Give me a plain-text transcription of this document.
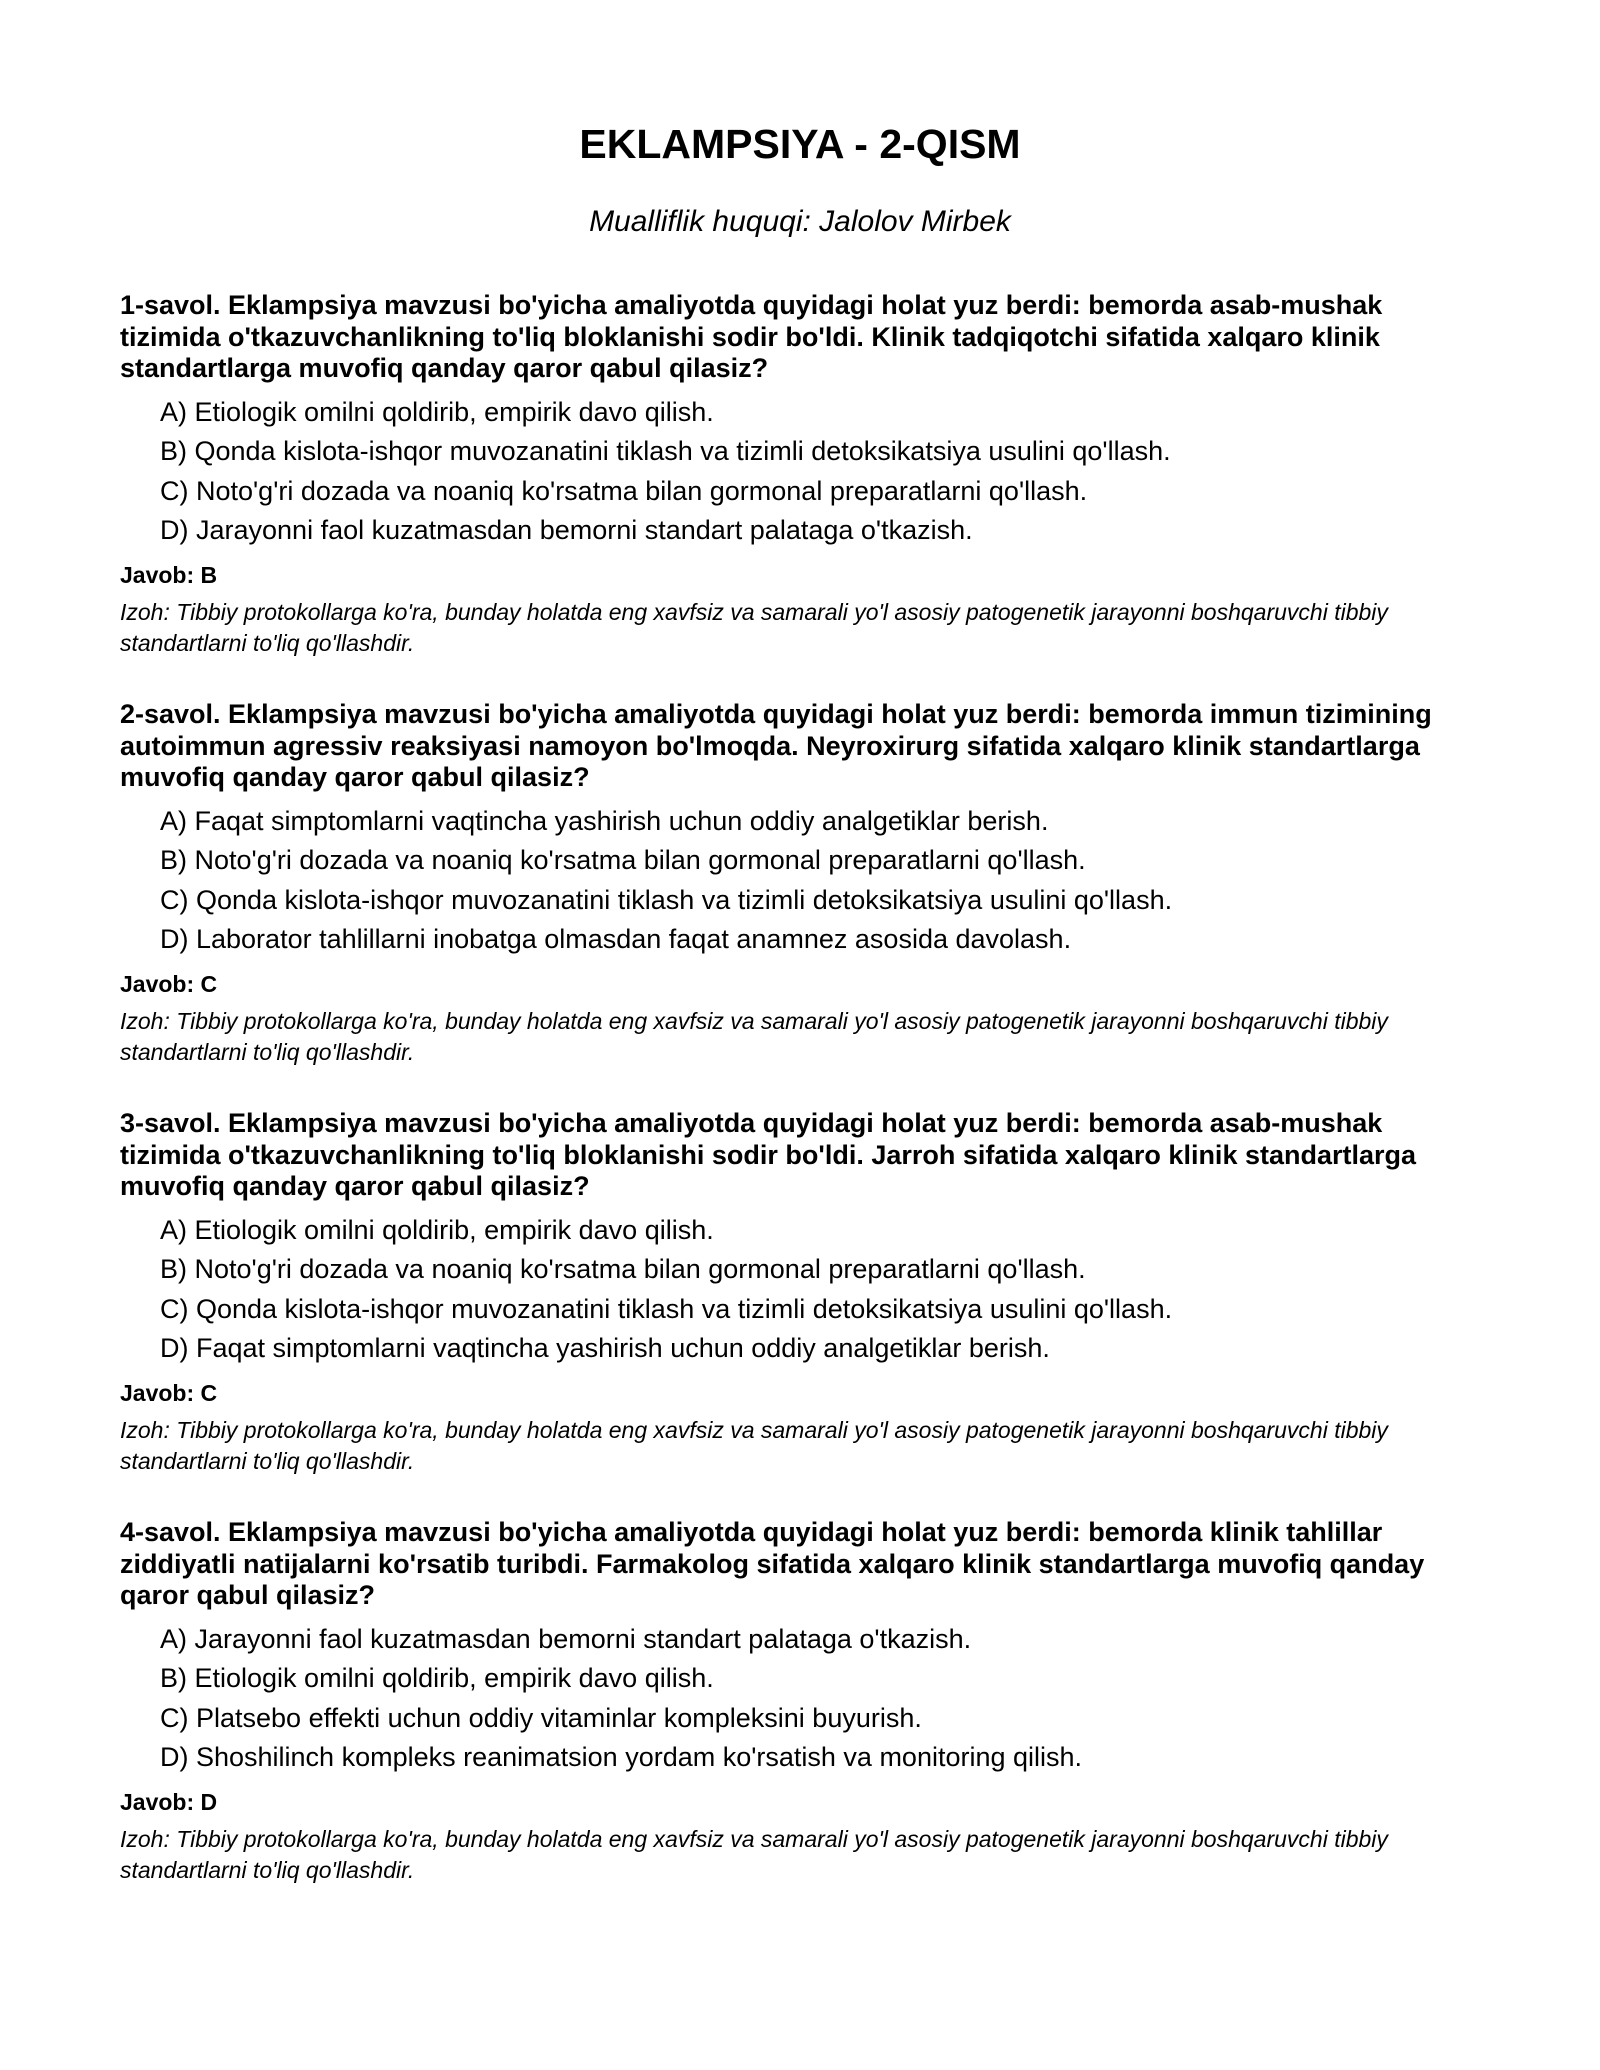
EKLAMPSIYA - 2-QISM

Mualliflik huquqi: Jalolov Mirbek

1-savol. Eklampsiya mavzusi bo'yicha amaliyotda quyidagi holat yuz berdi: bemorda asab-mushak tizimida o'tkazuvchanlikning to'liq bloklanishi sodir bo'ldi. Klinik tadqiqotchi sifatida xalqaro klinik standartlarga muvofiq qanday qaror qabul qilasiz?

A) Etiologik omilni qoldirib, empirik davo qilish.
B) Qonda kislota-ishqor muvozanatini tiklash va tizimli detoksikatsiya usulini qo'llash.
C) Noto'g'ri dozada va noaniq ko'rsatma bilan gormonal preparatlarni qo'llash.
D) Jarayonni faol kuzatmasdan bemorni standart palataga o'tkazish.

Javob: B

Izoh: Tibbiy protokollarga ko'ra, bunday holatda eng xavfsiz va samarali yo'l asosiy patogenetik jarayonni boshqaruvchi tibbiy standartlarni to'liq qo'llashdir.

2-savol. Eklampsiya mavzusi bo'yicha amaliyotda quyidagi holat yuz berdi: bemorda immun tizimining autoimmun agressiv reaksiyasi namoyon bo'lmoqda. Neyroxirurg sifatida xalqaro klinik standartlarga muvofiq qanday qaror qabul qilasiz?

A) Faqat simptomlarni vaqtincha yashirish uchun oddiy analgetiklar berish.
B) Noto'g'ri dozada va noaniq ko'rsatma bilan gormonal preparatlarni qo'llash.
C) Qonda kislota-ishqor muvozanatini tiklash va tizimli detoksikatsiya usulini qo'llash.
D) Laborator tahlillarni inobatga olmasdan faqat anamnez asosida davolash.

Javob: C

Izoh: Tibbiy protokollarga ko'ra, bunday holatda eng xavfsiz va samarali yo'l asosiy patogenetik jarayonni boshqaruvchi tibbiy standartlarni to'liq qo'llashdir.

3-savol. Eklampsiya mavzusi bo'yicha amaliyotda quyidagi holat yuz berdi: bemorda asab-mushak tizimida o'tkazuvchanlikning to'liq bloklanishi sodir bo'ldi. Jarroh sifatida xalqaro klinik standartlarga muvofiq qanday qaror qabul qilasiz?

A) Etiologik omilni qoldirib, empirik davo qilish.
B) Noto'g'ri dozada va noaniq ko'rsatma bilan gormonal preparatlarni qo'llash.
C) Qonda kislota-ishqor muvozanatini tiklash va tizimli detoksikatsiya usulini qo'llash.
D) Faqat simptomlarni vaqtincha yashirish uchun oddiy analgetiklar berish.

Javob: C

Izoh: Tibbiy protokollarga ko'ra, bunday holatda eng xavfsiz va samarali yo'l asosiy patogenetik jarayonni boshqaruvchi tibbiy standartlarni to'liq qo'llashdir.

4-savol. Eklampsiya mavzusi bo'yicha amaliyotda quyidagi holat yuz berdi: bemorda klinik tahlillar ziddiyatli natijalarni ko'rsatib turibdi. Farmakolog sifatida xalqaro klinik standartlarga muvofiq qanday qaror qabul qilasiz?

A) Jarayonni faol kuzatmasdan bemorni standart palataga o'tkazish.
B) Etiologik omilni qoldirib, empirik davo qilish.
C) Platsebo effekti uchun oddiy vitaminlar kompleksini buyurish.
D) Shoshilinch kompleks reanimatsion yordam ko'rsatish va monitoring qilish.

Javob: D

Izoh: Tibbiy protokollarga ko'ra, bunday holatda eng xavfsiz va samarali yo'l asosiy patogenetik jarayonni boshqaruvchi tibbiy standartlarni to'liq qo'llashdir.
